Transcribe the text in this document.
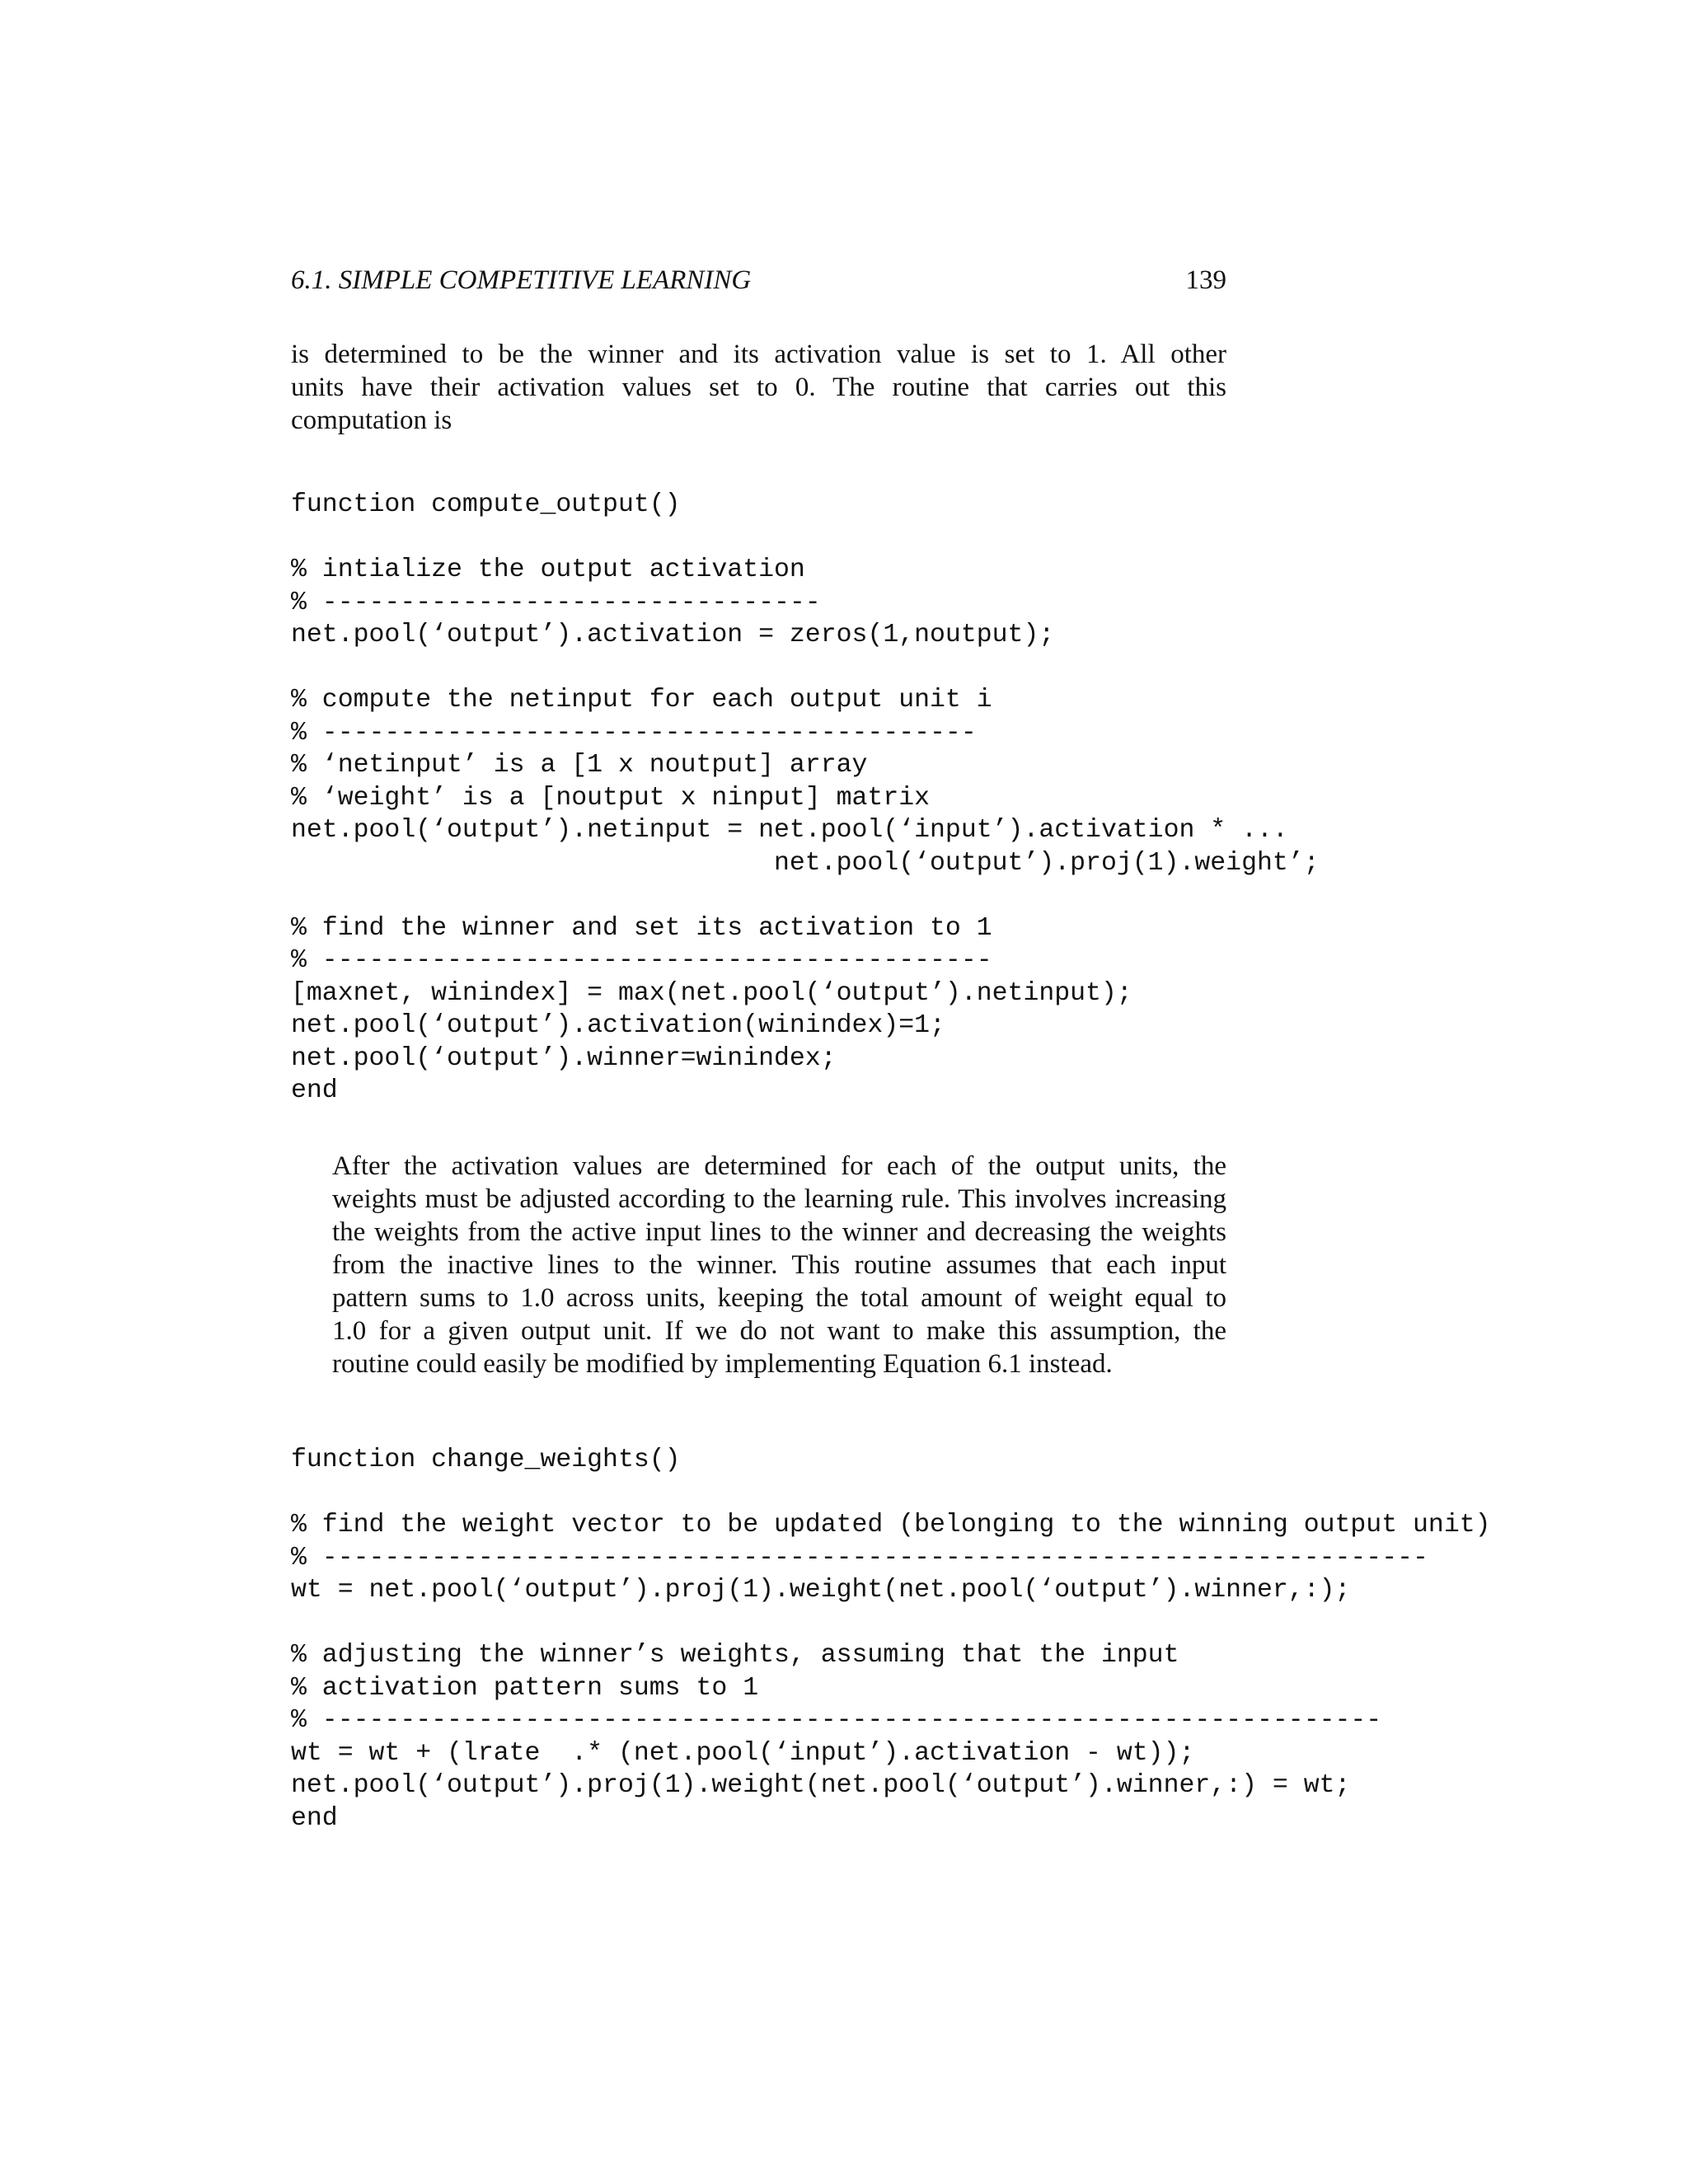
6.1. SIMPLE COMPETITIVE LEARNING	139

is determined to be the winner and its activation value is set to 1. All other
units have their activation values set to 0. The routine that carries out this
computation is

function compute_output()
% intialize the output activation
% --------------------------------
net.pool(‘output’).activation = zeros(1,noutput);
% compute the netinput for each output unit i
% ------------------------------------------
% ‘netinput’ is a [1 x noutput] array
% ‘weight’ is a [noutput x ninput] matrix
net.pool(‘output’).netinput = net.pool(‘input’).activation * ...
net.pool(‘output’).proj(1).weight’;
% find the winner and set its activation to 1
% -------------------------------------------
[maxnet, winindex] = max(net.pool(‘output’).netinput);
net.pool(‘output’).activation(winindex)=1;
net.pool(‘output’).winner=winindex;
end

After the activation values are determined for each of the output units, the
weights must be adjusted according to the learning rule. This involves increasing
the weights from the active input lines to the winner and decreasing the weights
from the inactive lines to the winner. This routine assumes that each input
pattern sums to 1.0 across units, keeping the total amount of weight equal to
1.0 for a given output unit. If we do not want to make this assumption, the
routine could easily be modified by implementing Equation 6.1 instead.

function change_weights()
% find the weight vector to be updated (belonging to the winning output unit)
% -----------------------------------------------------------------------
wt = net.pool(‘output’).proj(1).weight(net.pool(‘output’).winner,:);
% adjusting the winner’s weights, assuming that the input
% activation pattern sums to 1
% --------------------------------------------------------------------
wt = wt + (lrate  .* (net.pool(‘input’).activation - wt));
net.pool(‘output’).proj(1).weight(net.pool(‘output’).winner,:) = wt;
end
